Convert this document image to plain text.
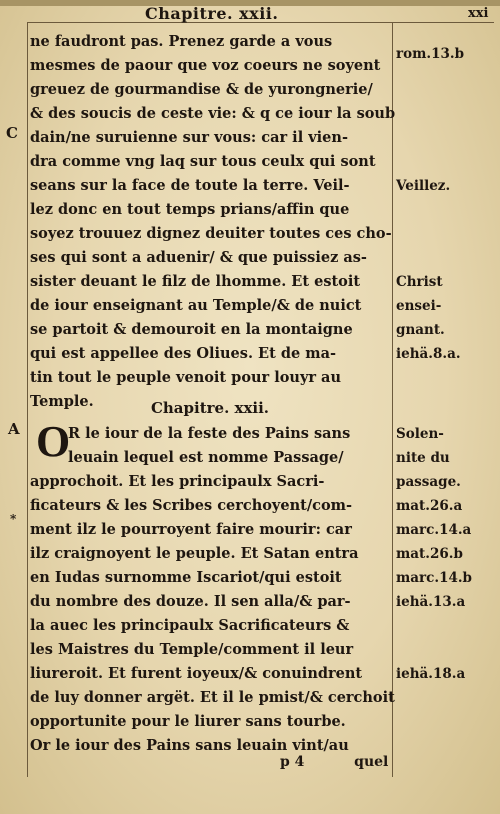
Chapitre. xxii.	xxi
C
A
*
ne faudront pas. Prenez garde a vous
mesmes de paour que voz coeurs ne soyent
greuez de gourmandise & de yurongnerie/
& des soucis de ceste vie: & q ce iour la soub
dain/ne suruienne sur vous: car il vien-
dra comme vng laq sur tous ceulx qui sont
seans sur la face de toute la terre. Veil-
lez donc en tout temps prians/affin que
soyez trouuez dignez deuiter toutes ces cho-
ses qui sont a aduenir/ & que puissiez as-
sister deuant le filz de lhomme. Et estoit
de iour enseignant au Temple/& de nuict
se partoit & demouroit en la montaigne
qui est appellee des Oliues. Et de ma-
tin tout le peuple venoit pour louyr au
Temple.	Chapitre. xxii.
R le iour de la feste des Pains sans
leuain lequel est nomme Passage/
approchoit. Et les principaulx Sacri-
ficateurs & les Scribes cerchoyent/com-
ment ilz le pourroyent faire mourir: car
ilz craignoyent le peuple. Et Satan entra
en Iudas surnomme Iscariot/qui estoit
du nombre des douze. Il sen alla/& par-
la auec les principaulx Sacrificateurs &
les Maistres du Temple/comment il leur
liureroit. Et furent ioyeux/& conuindrent
de luy donner argët. Et il le pmist/& cerchoit
opportunite pour le liurer sans tourbe.
Or le iour des Pains sans leuain vint/au
O
rom.13.b
Veillez.
Christ
ensei-
gnant.
iehä.8.a.
Solen-
nite du
passage.
mat.26.a
marc.14.a
mat.26.b
marc.14.b
iehä.13.a
iehä.18.a
p 4	quel
